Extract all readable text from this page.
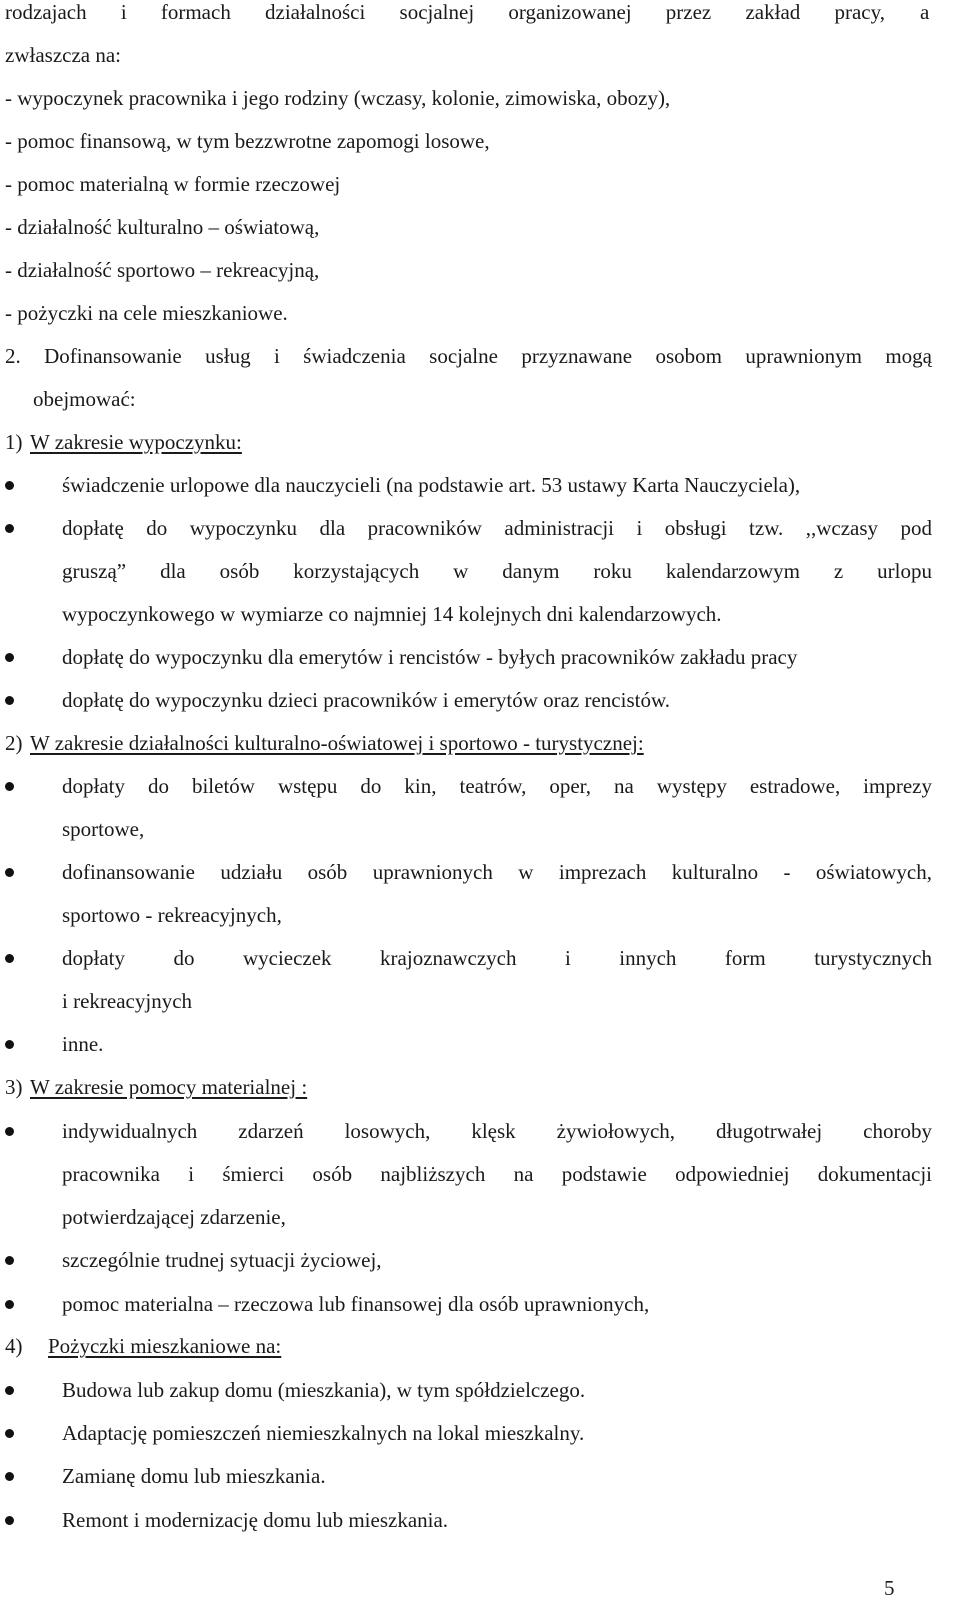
rodzajach i formach działalności socjalnej organizowanej przez zakład pracy, a
zwłaszcza na:
- wypoczynek pracownika i jego rodziny (wczasy, kolonie, zimowiska, obozy),
- pomoc finansową, w tym bezzwrotne zapomogi losowe,
- pomoc materialną w formie rzeczowej
- działalność kulturalno – oświatową,
- działalność sportowo – rekreacyjną,
- pożyczki na cele mieszkaniowe.
2. Dofinansowanie usług i świadczenia socjalne przyznawane osobom uprawnionym mogą
obejmować:
1) W zakresie wypoczynku:
świadczenie urlopowe dla nauczycieli (na podstawie art. 53 ustawy Karta Nauczyciela),
dopłatę do wypoczynku dla pracowników administracji i obsługi tzw. ,,wczasy pod
gruszą” dla osób korzystających w danym roku kalendarzowym z urlopu
wypoczynkowego w wymiarze co najmniej 14 kolejnych dni kalendarzowych.
dopłatę do wypoczynku dla emerytów i rencistów - byłych pracowników zakładu pracy
dopłatę do wypoczynku dzieci pracowników i emerytów oraz rencistów.
2) W zakresie działalności kulturalno-oświatowej i sportowo - turystycznej:
dopłaty do biletów wstępu do kin, teatrów, oper, na występy estradowe, imprezy
sportowe,
dofinansowanie udziału osób uprawnionych w imprezach kulturalno - oświatowych,
sportowo - rekreacyjnych,
dopłaty do wycieczek krajoznawczych i innych form turystycznych
i rekreacyjnych
inne.
3) W zakresie pomocy materialnej :
indywidualnych zdarzeń losowych, klęsk żywiołowych, długotrwałej choroby
pracownika i śmierci osób najbliższych na podstawie odpowiedniej dokumentacji
potwierdzającej zdarzenie,
szczególnie trudnej sytuacji życiowej,
pomoc materialna – rzeczowa lub finansowej dla osób uprawnionych,
4) Pożyczki mieszkaniowe na:
Budowa lub zakup domu (mieszkania), w tym spółdzielczego.
Adaptację pomieszczeń niemieszkalnych na lokal mieszkalny.
Zamianę domu lub mieszkania.
Remont i modernizację domu lub mieszkania.
5
